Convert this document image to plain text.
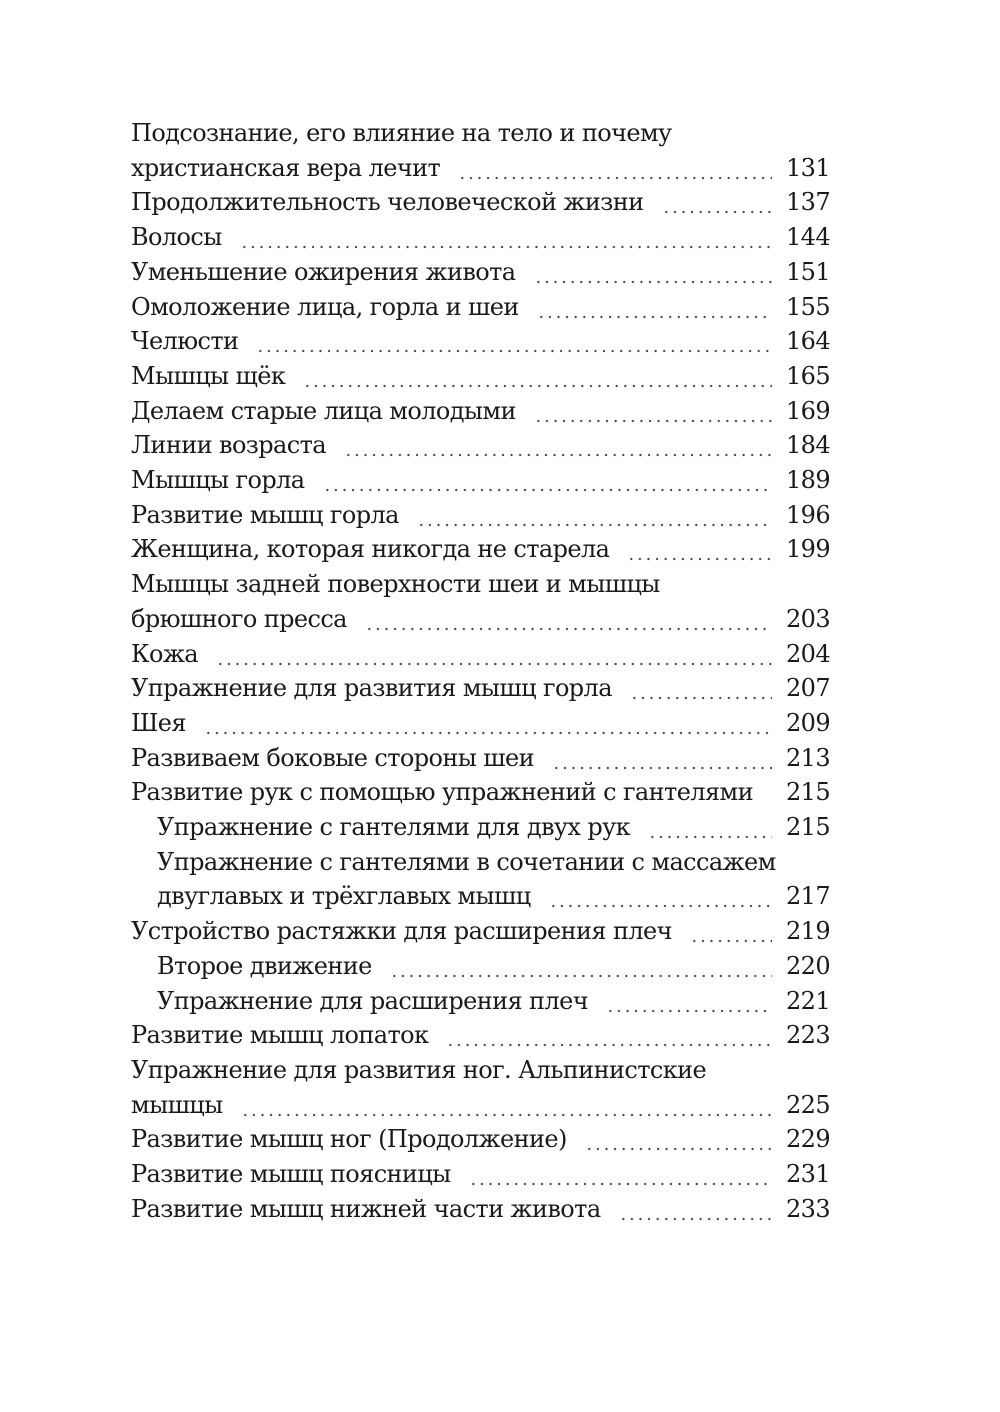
Подсознание, его влияние на тело и почему
христианская вера лечит	131
Продолжительность человеческой жизни	137
Волосы	144
Уменьшение ожирения живота	151
Омоложение лица, горла и шеи	155
Челюсти	164
Мышцы щёк	165
Делаем старые лица молодыми	169
Линии возраста	184
Мышцы горла	189
Развитие мышц горла	196
Женщина, которая никогда не старела	199
Мышцы задней поверхности шеи и мышцы
брюшного пресса	203
Кожа	204
Упражнение для развития мышц горла	207
Шея	209
Развиваем боковые стороны шеи	213
Развитие рук с помощью упражнений с гантелями 215
Упражнение с гантелями для двух рук	215
Упражнение с гантелями в сочетании с массажем
двуглавых и трёхглавых мышц	217
Устройство растяжки для расширения плеч	219
Второе движение	220
Упражнение для расширения плеч	221
Развитие мышц лопаток	223
Упражнение для развития ног. Альпинистские
мышцы	225
Развитие мышц ног (Продолжение)	229
Развитие мышц поясницы	231
Развитие мышц нижней части живота	233
